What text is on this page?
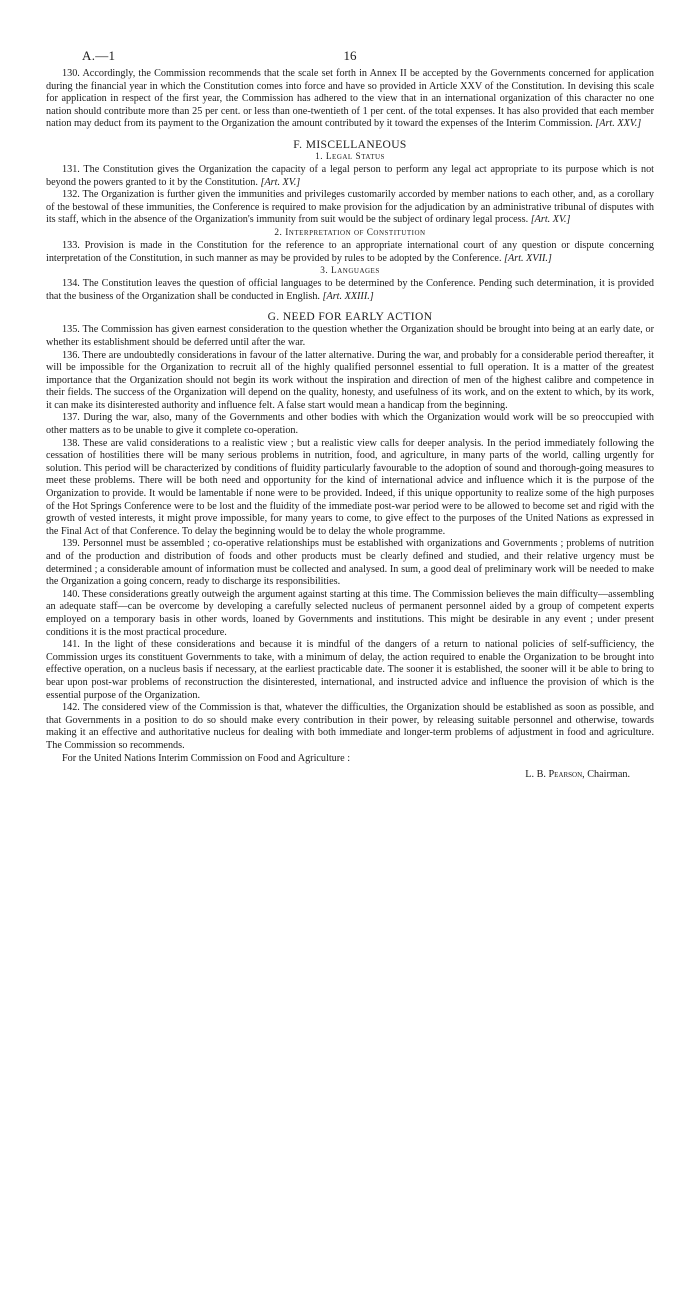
A.—1	16

130. Accordingly, the Commission recommends that the scale set forth in Annex II be accepted by the Governments concerned for application during the financial year in which the Constitution comes into force and have so provided in Article XXV of the Constitution. In devising this scale for application in respect of the first year, the Commission has adhered to the view that in an international organization of this character no one nation should contribute more than 25 per cent. or less than one-twentieth of 1 per cent. of the total expenses. It has also provided that each member nation may deduct from its payment to the Organization the amount contributed by it toward the expenses of the Interim Commission. [Art. XXV.]

F. MISCELLANEOUS
1. Legal Status

131. The Constitution gives the Organization the capacity of a legal person to perform any legal act appropriate to its purpose which is not beyond the powers granted to it by the Constitution. [Art. XV.]

132. The Organization is further given the immunities and privileges customarily accorded by member nations to each other, and, as a corollary of the bestowal of these immunities, the Conference is required to make provision for the adjudication by an administrative tribunal of disputes with its staff, which in the absence of the Organization's immunity from suit would be the subject of ordinary legal process. [Art. XV.]

2. Interpretation of Constitution

133. Provision is made in the Constitution for the reference to an appropriate international court of any question or dispute concerning interpretation of the Constitution, in such manner as may be provided by rules to be adopted by the Conference. [Art. XVII.]

3. Languages

134. The Constitution leaves the question of official languages to be determined by the Conference. Pending such determination, it is provided that the business of the Organization shall be conducted in English. [Art. XXIII.]

G. NEED FOR EARLY ACTION

135. The Commission has given earnest consideration to the question whether the Organization should be brought into being at an early date, or whether its establishment should be deferred until after the war.

136. There are undoubtedly considerations in favour of the latter alternative. During the war, and probably for a considerable period thereafter, it will be impossible for the Organization to recruit all of the highly qualified personnel essential to full operation. It is a matter of the greatest importance that the Organization should not begin its work without the inspiration and direction of men of the highest calibre and competence in their fields. The success of the Organization will depend on the quality, honesty, and usefulness of its work, and on the extent to which, by its work, it can make its disinterested authority and influence felt. A false start would mean a handicap from the beginning.

137. During the war, also, many of the Governments and other bodies with which the Organization would work will be so preoccupied with other matters as to be unable to give it complete co-operation.

138. These are valid considerations to a realistic view ; but a realistic view calls for deeper analysis. In the period immediately following the cessation of hostilities there will be many serious problems in nutrition, food, and agriculture, in many parts of the world, calling urgently for solution. This period will be characterized by conditions of fluidity particularly favourable to the adoption of sound and thorough-going measures to meet these problems. There will be both need and opportunity for the kind of international advice and influence which it is the purpose of the Organization to provide. It would be lamentable if none were to be provided. Indeed, if this unique opportunity to realize some of the high purposes of the Hot Springs Conference were to be lost and the fluidity of the immediate post-war period were to be allowed to become set and rigid with the growth of vested interests, it might prove impossible, for many years to come, to give effect to the purposes of the United Nations as expressed in the Final Act of that Conference. To delay the beginning would be to delay the whole programme.

139. Personnel must be assembled ; co-operative relationships must be established with organizations and Governments ; problems of nutrition and of the production and distribution of foods and other products must be clearly defined and studied, and their relative urgency must be determined ; a considerable amount of information must be collected and analysed. In sum, a good deal of preliminary work will be needed to make the Organization a going concern, ready to discharge its responsibilities.

140. These considerations greatly outweigh the argument against starting at this time. The Commission believes the main difficulty—assembling an adequate staff—can be overcome by developing a carefully selected nucleus of permanent personnel aided by a group of competent experts employed on a temporary basis in other words, loaned by Governments and institutions. This might be desirable in any event ; under present conditions it is the most practical procedure.

141. In the light of these considerations and because it is mindful of the dangers of a return to national policies of self-sufficiency, the Commission urges its constituent Governments to take, with a minimum of delay, the action required to enable the Organization to be brought into effective operation, on a nucleus basis if necessary, at the earliest practicable date. The sooner it is established, the sooner will it be able to bring to bear upon post-war problems of reconstruction the disinterested, international, and instructed advice and influence the provision of which is the essential purpose of the Organization.

142. The considered view of the Commission is that, whatever the difficulties, the Organization should be established as soon as possible, and that Governments in a position to do so should make every contribution in their power, by releasing suitable personnel and otherwise, towards making it an effective and authoritative nucleus for dealing with both immediate and longer-term problems of adjustment in food and agriculture. The Commission so recommends.

For the United Nations Interim Commission on Food and Agriculture :

L. B. Pearson, Chairman.
